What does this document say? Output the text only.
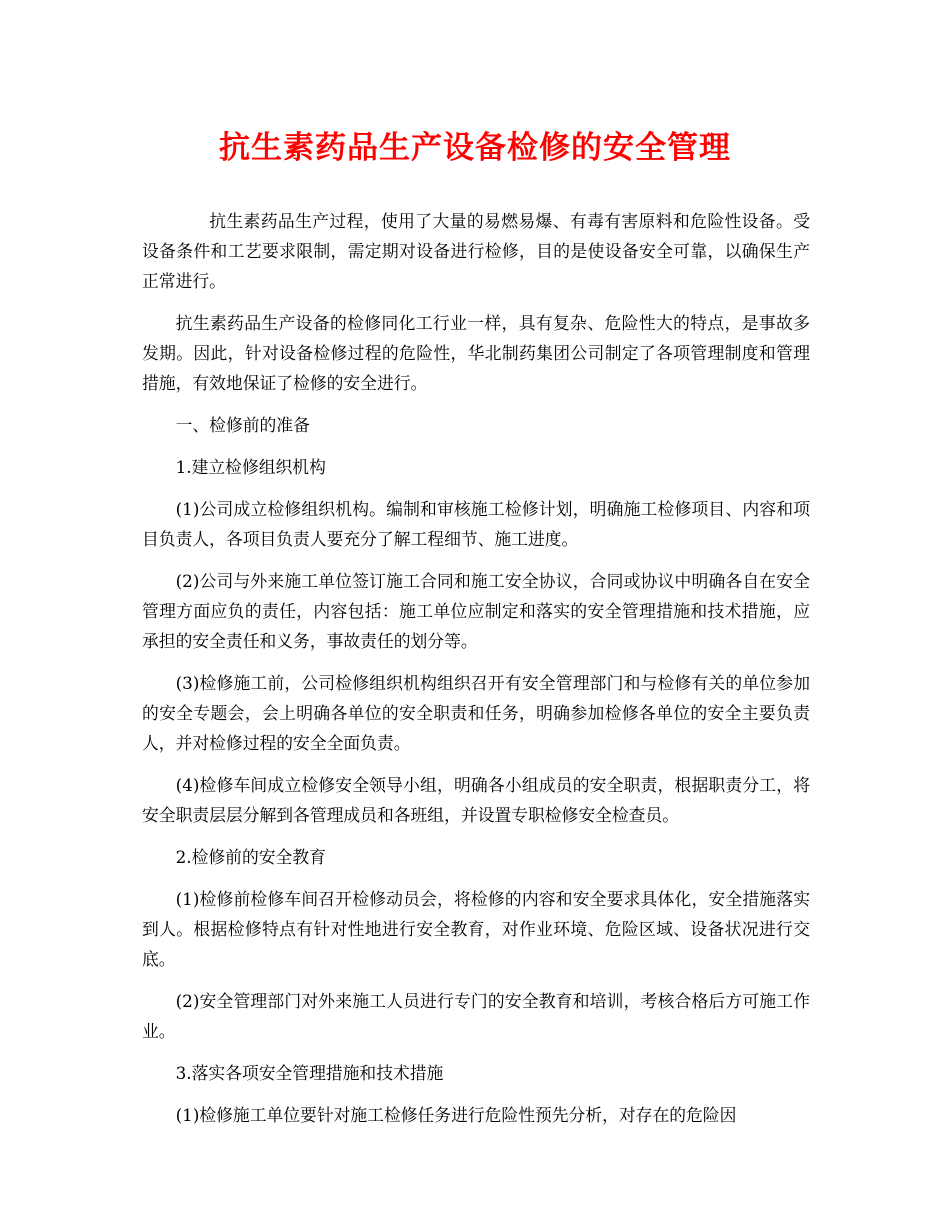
抗生素药品生产设备检修的安全管理

抗生素药品生产过程，使用了大量的易燃易爆、有毒有害原料和危险性设备。受设备条件和工艺要求限制，需定期对设备进行检修，目的是使设备安全可靠，以确保生产正常进行。

抗生素药品生产设备的检修同化工行业一样，具有复杂、危险性大的特点，是事故多发期。因此，针对设备检修过程的危险性，华北制药集团公司制定了各项管理制度和管理措施，有效地保证了检修的安全进行。

一、检修前的准备

1.建立检修组织机构

(1)公司成立检修组织机构。编制和审核施工检修计划，明确施工检修项目、内容和项目负责人，各项目负责人要充分了解工程细节、施工进度。

(2)公司与外来施工单位签订施工合同和施工安全协议，合同或协议中明确各自在安全管理方面应负的责任，内容包括：施工单位应制定和落实的安全管理措施和技术措施，应承担的安全责任和义务，事故责任的划分等。

(3)检修施工前，公司检修组织机构组织召开有安全管理部门和与检修有关的单位参加的安全专题会，会上明确各单位的安全职责和任务，明确参加检修各单位的安全主要负责人，并对检修过程的安全全面负责。

(4)检修车间成立检修安全领导小组，明确各小组成员的安全职责，根据职责分工，将安全职责层层分解到各管理成员和各班组，并设置专职检修安全检查员。

2.检修前的安全教育

(1)检修前检修车间召开检修动员会，将检修的内容和安全要求具体化，安全措施落实到人。根据检修特点有针对性地进行安全教育，对作业环境、危险区域、设备状况进行交底。

(2)安全管理部门对外来施工人员进行专门的安全教育和培训，考核合格后方可施工作业。

3.落实各项安全管理措施和技术措施

(1)检修施工单位要针对施工检修任务进行危险性预先分析，对存在的危险因
